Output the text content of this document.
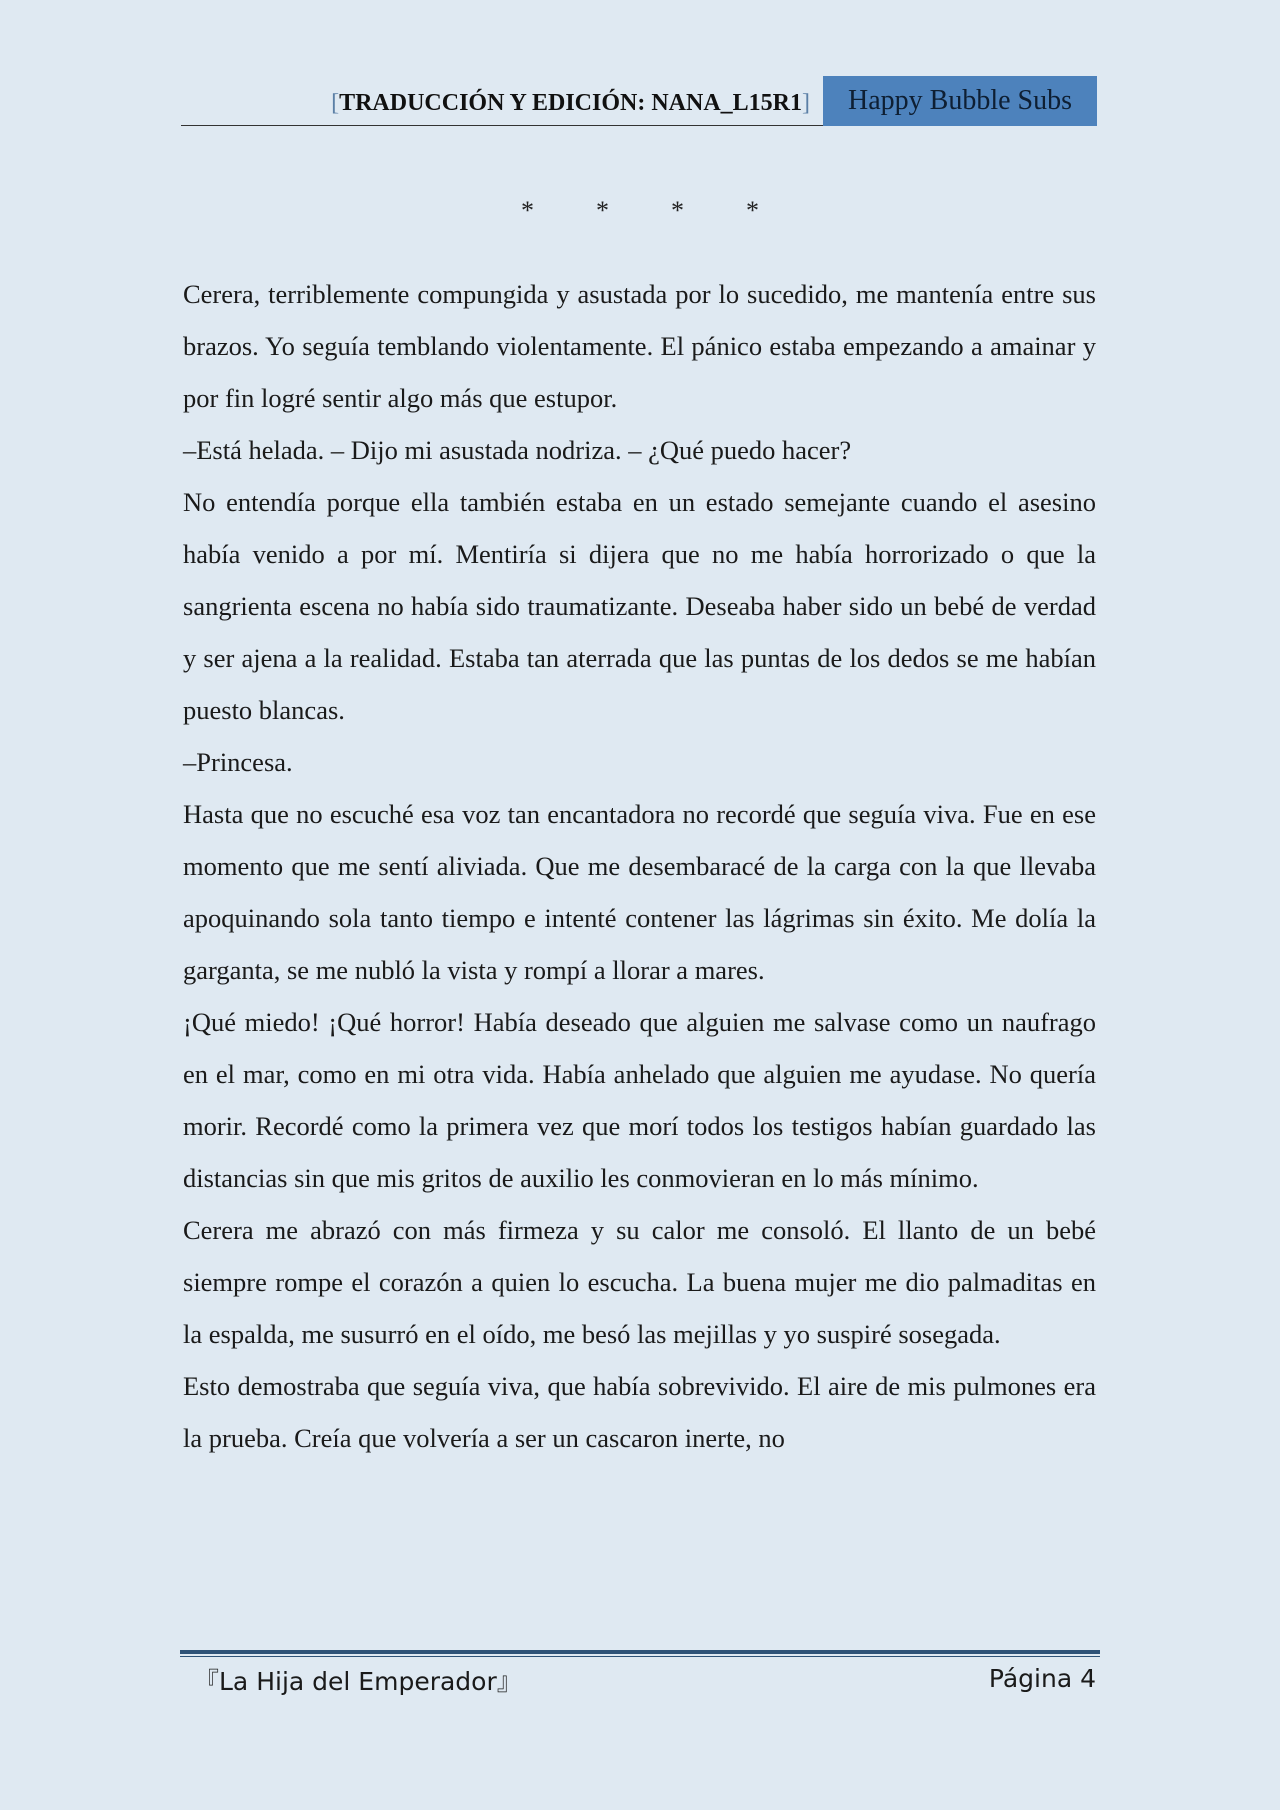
[TRADUCCIÓN Y EDICIÓN: NANA_L15R1]	Happy Bubble Subs
* * * *

Cerera, terriblemente compungida y asustada por lo sucedido, me mantenía entre sus brazos. Yo seguía temblando violentamente. El pánico estaba empezando a amainar y por fin logré sentir algo más que estupor.

–Está helada. – Dijo mi asustada nodriza. – ¿Qué puedo hacer?

No entendía porque ella también estaba en un estado semejante cuando el asesino había venido a por mí. Mentiría si dijera que no me había horrorizado o que la sangrienta escena no había sido traumatizante. Deseaba haber sido un bebé de verdad y ser ajena a la realidad. Estaba tan aterrada que las puntas de los dedos se me habían puesto blancas.

–Princesa.

Hasta que no escuché esa voz tan encantadora no recordé que seguía viva. Fue en ese momento que me sentí aliviada. Que me desembaracé de la carga con la que llevaba apoquinando sola tanto tiempo e intenté contener las lágrimas sin éxito. Me dolía la garganta, se me nubló la vista y rompí a llorar a mares.

¡Qué miedo! ¡Qué horror! Había deseado que alguien me salvase como un naufrago en el mar, como en mi otra vida. Había anhelado que alguien me ayudase. No quería morir. Recordé como la primera vez que morí todos los testigos habían guardado las distancias sin que mis gritos de auxilio les conmovieran en lo más mínimo.

Cerera me abrazó con más firmeza y su calor me consoló. El llanto de un bebé siempre rompe el corazón a quien lo escucha. La buena mujer me dio palmaditas en la espalda, me susurró en el oído, me besó las mejillas y yo suspiré sosegada.

Esto demostraba que seguía viva, que había sobrevivido. El aire de mis pulmones era la prueba. Creía que volvería a ser un cascaron inerte, no

『La Hija del Emperador』	Página 4
